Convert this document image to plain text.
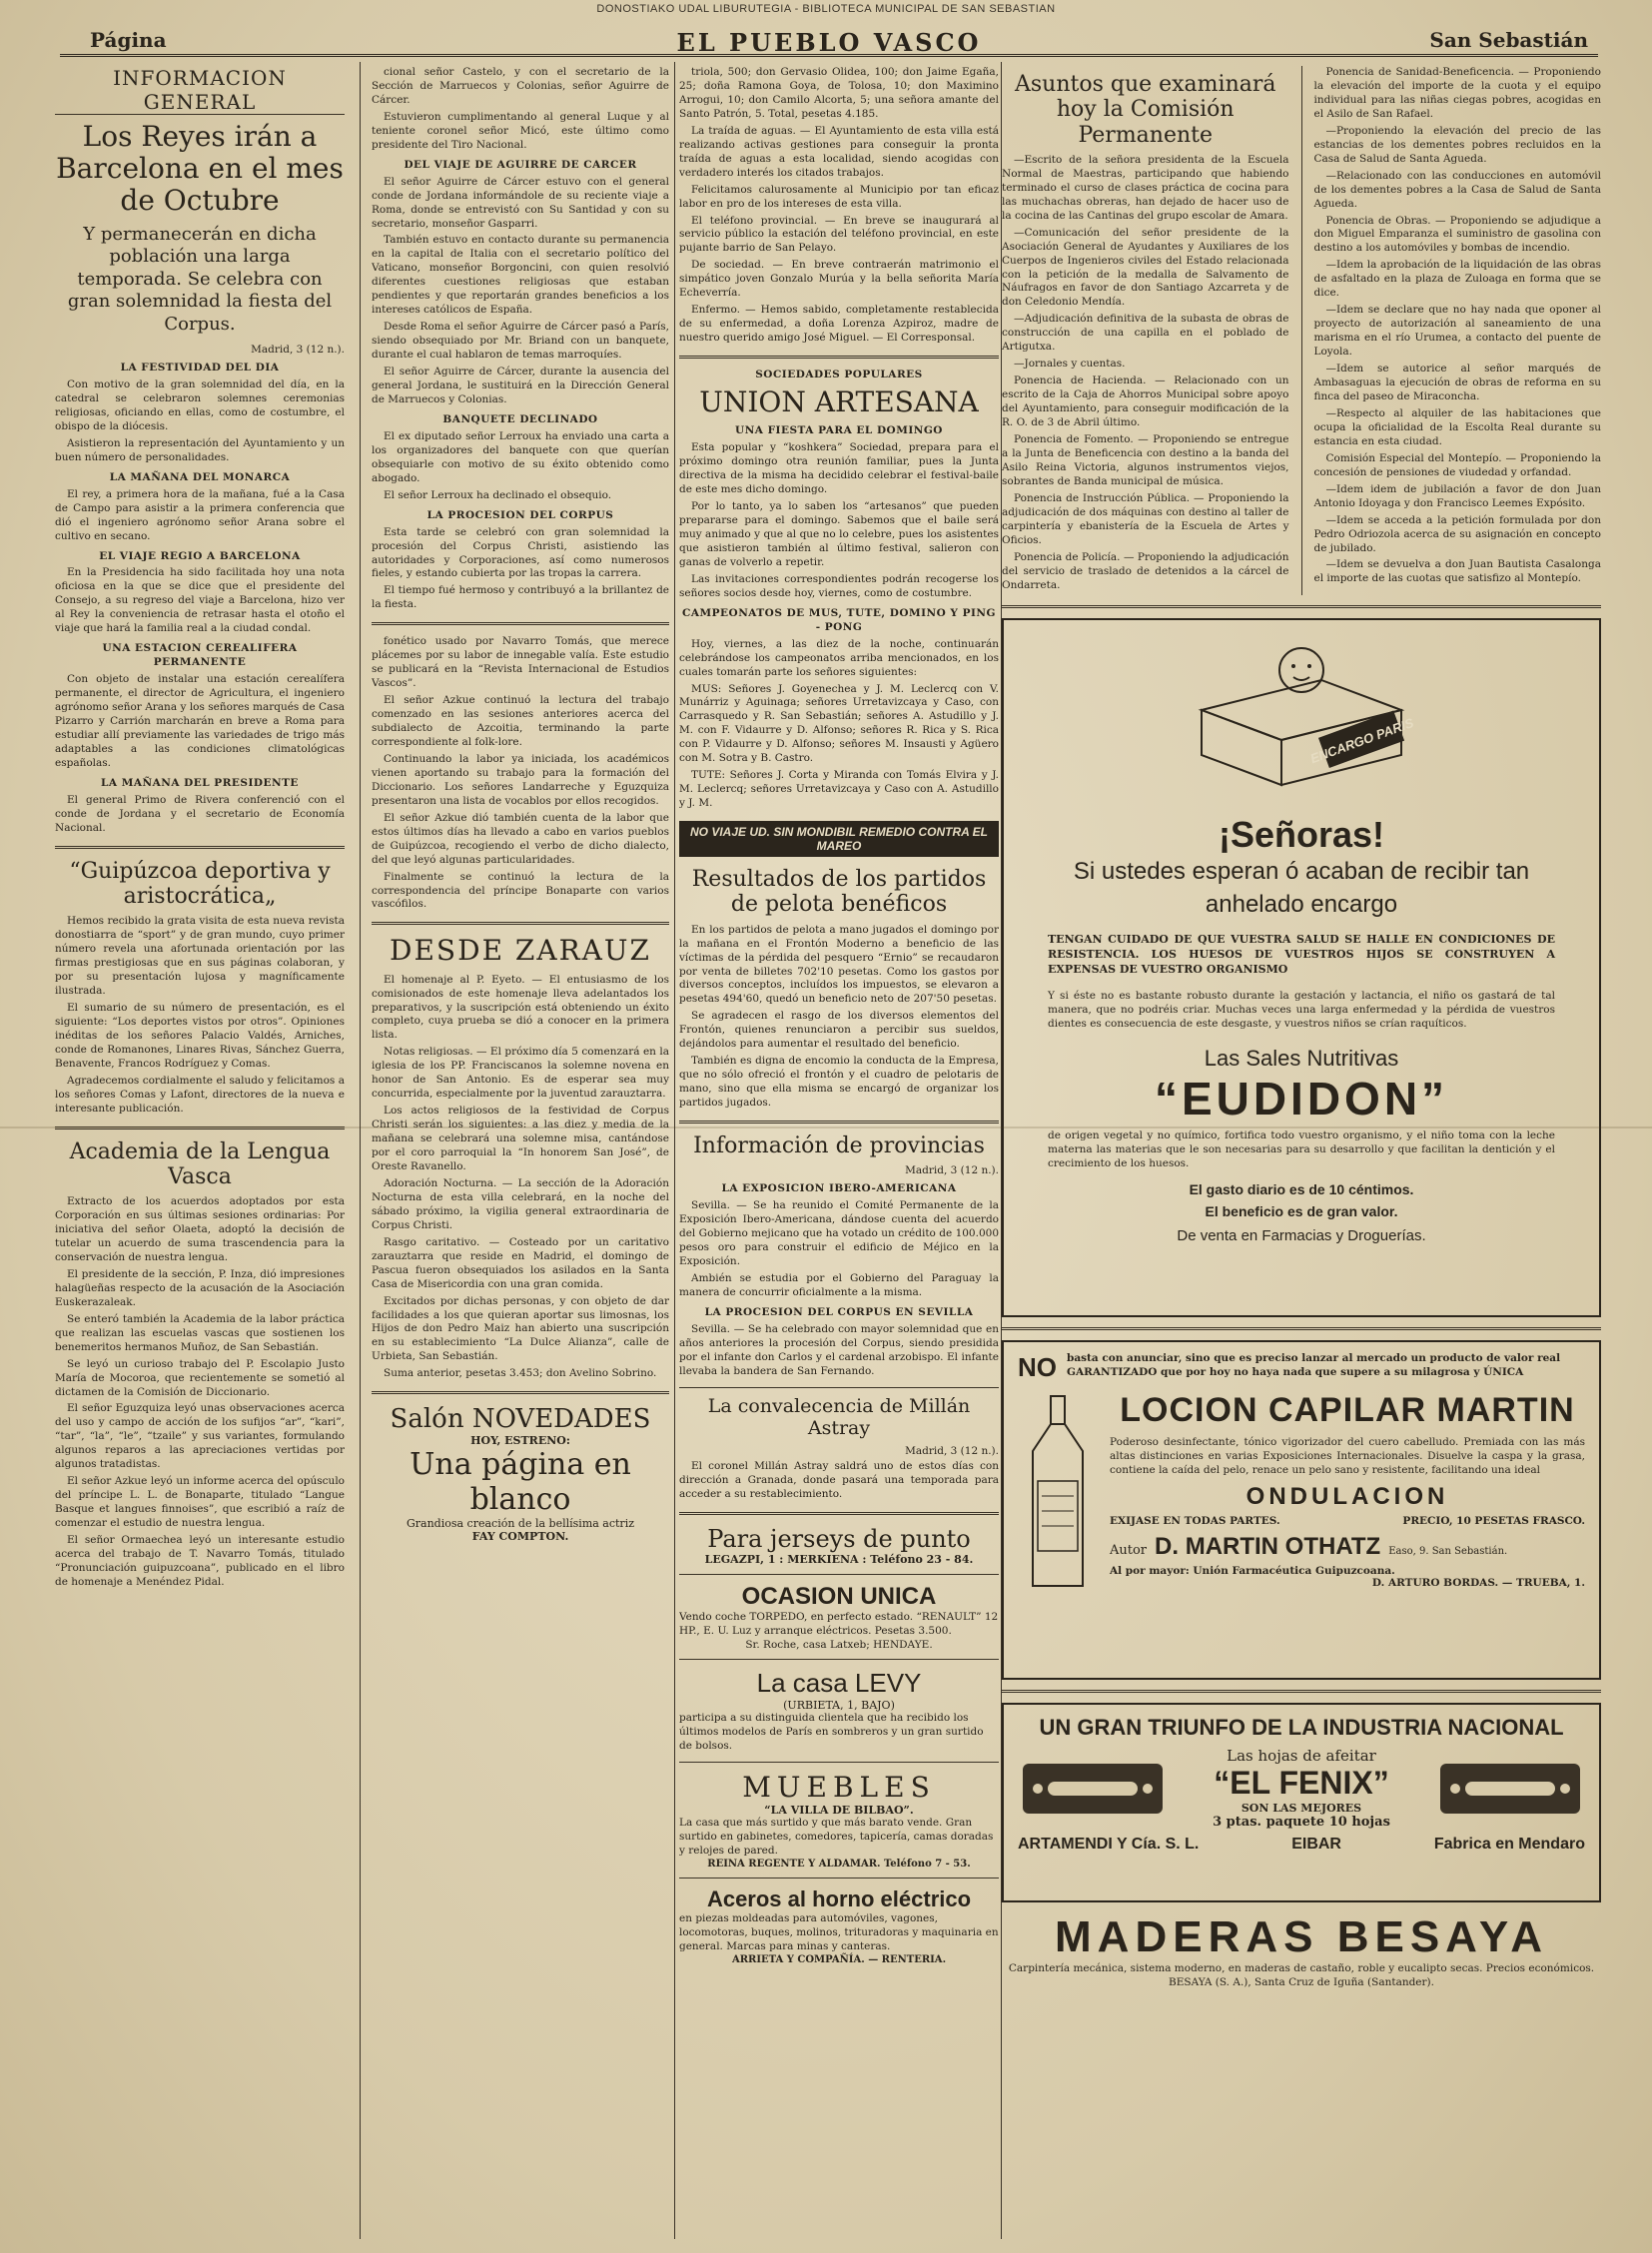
DONOSTIAKO UDAL LIBURUTEGIA - BIBLIOTECA MUNICIPAL DE SAN SEBASTIAN
EL PUEBLO VASCO
Página	San Sebastián
INFORMACION GENERAL
Los Reyes irán a Barcelona en el mes de Octubre
Y permanecerán en dicha población una larga temporada. Se celebra con gran solemnidad la fiesta del Corpus.
Madrid, 3 (12 n.).
LA FESTIVIDAD DEL DIA

Con motivo de la gran solemnidad del día, en la catedral se celebraron solemnes ceremonias religiosas, oficiando en ellas, como de costumbre, el obispo de la diócesis.

Asistieron la representación del Ayuntamiento y un buen número de personalidades.

LA MAÑANA DEL MONARCA

El rey, a primera hora de la mañana, fué a la Casa de Campo para asistir a la primera conferencia que dió el ingeniero agrónomo señor Arana sobre el cultivo en secano.

EL VIAJE REGIO A BARCELONA

En la Presidencia ha sido facilitada hoy una nota oficiosa en la que se dice que el presidente del Consejo, a su regreso del viaje a Barcelona, hizo ver al Rey la conveniencia de retrasar hasta el otoño el viaje que hará la familia real a la ciudad condal.

UNA ESTACION CEREALIFERA PERMANENTE

Con objeto de instalar una estación cerealífera permanente, el director de Agricultura, el ingeniero agrónomo señor Arana y los señores marqués de Casa Pizarro y Carrión marcharán en breve a Roma para estudiar allí previamente las variedades de trigo más adaptables a las condiciones climatológicas españolas.

LA MAÑANA DEL PRESIDENTE

El general Primo de Rivera conferenció con el conde de Jordana y el secretario de Economía Nacional.

“Guipúzcoa deportiva y aristocrática„

Hemos recibido la grata visita de esta nueva revista donostiarra de “sport” y de gran mundo, cuyo primer número revela una afortunada orientación por las firmas prestigiosas que en sus páginas colaboran, y por su presentación lujosa y magníficamente ilustrada.

El sumario de su número de presentación, es el siguiente: “Los deportes vistos por otros”. Opiniones inéditas de los señores Palacio Valdés, Arniches, conde de Romanones, Linares Rivas, Sánchez Guerra, Benavente, Francos Rodríguez y Comas.

Agradecemos cordialmente el saludo y felicitamos a los señores Comas y Lafont, directores de la nueva e interesante publicación.

Academia de la Lengua Vasca

Extracto de los acuerdos adoptados por esta Corporación en sus últimas sesiones ordinarias: Por iniciativa del señor Olaeta, adoptó la decisión de tutelar un acuerdo de suma trascendencia para la conservación de nuestra lengua.

El presidente de la sección, P. Inza, dió impresiones halagüeñas respecto de la acusación de la Asociación Euskerazaleak.

Se enteró también la Academia de la labor práctica que realizan las escuelas vascas que sostienen los benemeritos hermanos Muñoz, de San Sebastián.

Se leyó un curioso trabajo del P. Escolapio Justo María de Mocoroa, que recientemente se sometió al dictamen de la Comisión de Diccionario.

El señor Eguzquiza leyó unas observaciones acerca del uso y campo de acción de los sufijos “ar”, “kari”, “tar”, “la”, “le”, “tzaile” y sus variantes, formulando algunos reparos a las apreciaciones vertidas por algunos tratadistas.

El señor Azkue leyó un informe acerca del opúsculo del príncipe L. L. de Bonaparte, titulado “Langue Basque et langues finnoises”, que escribió a raíz de comenzar el estudio de nuestra lengua.

El señor Ormaechea leyó un interesante estudio acerca del trabajo de T. Navarro Tomás, titulado “Pronunciación guipuzcoana”, publicado en el libro de homenaje a Menéndez Pidal.

cional señor Castelo, y con el secretario de la Sección de Marruecos y Colonias, señor Aguirre de Cárcer.

Estuvieron cumplimentando al general Luque y al teniente coronel señor Micó, este último como presidente del Tiro Nacional.

DEL VIAJE DE AGUIRRE DE CARCER

El señor Aguirre de Cárcer estuvo con el general conde de Jordana informándole de su reciente viaje a Roma, donde se entrevistó con Su Santidad y con su secretario, monseñor Gasparri.

También estuvo en contacto durante su permanencia en la capital de Italia con el secretario político del Vaticano, monseñor Borgoncini, con quien resolvió diferentes cuestiones religiosas que estaban pendientes y que reportarán grandes beneficios a los intereses católicos de España.

Desde Roma el señor Aguirre de Cárcer pasó a París, siendo obsequiado por Mr. Briand con un banquete, durante el cual hablaron de temas marroquíes.

El señor Aguirre de Cárcer, durante la ausencia del general Jordana, le sustituirá en la Dirección General de Marruecos y Colonias.

BANQUETE DECLINADO

El ex diputado señor Lerroux ha enviado una carta a los organizadores del banquete con que querían obsequiarle con motivo de su éxito obtenido como abogado.

El señor Lerroux ha declinado el obsequio.

LA PROCESION DEL CORPUS

Esta tarde se celebró con gran solemnidad la procesión del Corpus Christi, asistiendo las autoridades y Corporaciones, así como numerosos fieles, y estando cubierta por las tropas la carrera.

El tiempo fué hermoso y contribuyó a la brillantez de la fiesta.

fonético usado por Navarro Tomás, que merece plácemes por su labor de innegable valía. Este estudio se publicará en la “Revista Internacional de Estudios Vascos”.

El señor Azkue continuó la lectura del trabajo comenzado en las sesiones anteriores acerca del subdialecto de Azcoitia, terminando la parte correspondiente al folk-lore.

Continuando la labor ya iniciada, los académicos vienen aportando su trabajo para la formación del Diccionario. Los señores Landarreche y Eguzquiza presentaron una lista de vocablos por ellos recogidos.

El señor Azkue dió también cuenta de la labor que estos últimos días ha llevado a cabo en varios pueblos de Guipúzcoa, recogiendo el verbo de dicho dialecto, del que leyó algunas particularidades.

Finalmente se continuó la lectura de la correspondencia del príncipe Bonaparte con varios vascófilos.

DESDE ZARAUZ

El homenaje al P. Eyeto. — El entusiasmo de los comisionados de este homenaje lleva adelantados los preparativos, y la suscripción está obteniendo un éxito completo, cuya prueba se dió a conocer en la primera lista.

Notas religiosas. — El próximo día 5 comenzará en la iglesia de los PP. Franciscanos la solemne novena en honor de San Antonio. Es de esperar sea muy concurrida, especialmente por la juventud zarauztarra.

Los actos religiosos de la festividad de Corpus Christi serán los siguientes: a las diez y media de la mañana se celebrará una solemne misa, cantándose por el coro parroquial la “In honorem San José”, de Oreste Ravanello.

Adoración Nocturna. — La sección de la Adoración Nocturna de esta villa celebrará, en la noche del sábado próximo, la vigilia general extraordinaria de Corpus Christi.

Rasgo caritativo. — Costeado por un caritativo zarauztarra que reside en Madrid, el domingo de Pascua fueron obsequiados los asilados en la Santa Casa de Misericordia con una gran comida.

Excitados por dichas personas, y con objeto de dar facilidades a los que quieran aportar sus limosnas, los Hijos de don Pedro Maiz han abierto una suscripción en su establecimiento “La Dulce Alianza”, calle de Urbieta, San Sebastián.

Suma anterior, pesetas 3.453; don Avelino Sobrino.

Salón NOVEDADES
HOY, ESTRENO:
Una página en blanco
Grandiosa creación de la bellísima actriz
FAY COMPTON.

triola, 500; don Gervasio Olidea, 100; don Jaime Egaña, 25; doña Ramona Goya, de Tolosa, 10; don Maximino Arrogui, 10; don Camilo Alcorta, 5; una señora amante del Santo Patrón, 5. Total, pesetas 4.185.

La traída de aguas. — El Ayuntamiento de esta villa está realizando activas gestiones para conseguir la pronta traída de aguas a esta localidad, siendo acogidas con verdadero interés los citados trabajos.

Felicitamos calurosamente al Municipio por tan eficaz labor en pro de los intereses de esta villa.

El teléfono provincial. — En breve se inaugurará al servicio público la estación del teléfono provincial, en este pujante barrio de San Pelayo.

De sociedad. — En breve contraerán matrimonio el simpático joven Gonzalo Murúa y la bella señorita María Echeverría.

Enfermo. — Hemos sabido, completamente restablecida de su enfermedad, a doña Lorenza Azpiroz, madre de nuestro querido amigo José Miguel. — El Corresponsal.

SOCIEDADES POPULARES
UNION ARTESANA
UNA FIESTA PARA EL DOMINGO

Esta popular y “koshkera” Sociedad, prepara para el próximo domingo otra reunión familiar, pues la Junta directiva de la misma ha decidido celebrar el festival-baile de este mes dicho domingo.

Por lo tanto, ya lo saben los “artesanos” que pueden prepararse para el domingo. Sabemos que el baile será muy animado y que al que no lo celebre, pues los asistentes que asistieron también al último festival, salieron con ganas de volverlo a repetir.

Las invitaciones correspondientes podrán recogerse los señores socios desde hoy, viernes, como de costumbre.

CAMPEONATOS DE MUS, TUTE, DOMINO Y PING - PONG

Hoy, viernes, a las diez de la noche, continuarán celebrándose los campeonatos arriba mencionados, en los cuales tomarán parte los señores siguientes:

MUS: Señores J. Goyenechea y J. M. Leclercq con V. Munárriz y Aguinaga; señores Urretavizcaya y Caso, con Carrasquedo y R. San Sebastián; señores A. Astudillo y J. M. con F. Vidaurre y D. Alfonso; señores R. Rica y S. Rica con P. Vidaurre y D. Alfonso; señores M. Insausti y Agüero con M. Sotra y B. Castro.

TUTE: Señores J. Corta y Miranda con Tomás Elvira y J. M. Leclercq; señores Urretavizcaya y Caso con A. Astudillo y J. M.

NO VIAJE UD. SIN MONDIBIL REMEDIO CONTRA EL MAREO
Resultados de los partidos de pelota benéficos

En los partidos de pelota a mano jugados el domingo por la mañana en el Frontón Moderno a beneficio de las víctimas de la pérdida del pesquero “Ernio” se recaudaron por venta de billetes 702'10 pesetas. Como los gastos por diversos conceptos, incluídos los impuestos, se elevaron a pesetas 494'60, quedó un beneficio neto de 207'50 pesetas.

Se agradecen el rasgo de los diversos elementos del Frontón, quienes renunciaron a percibir sus sueldos, dejándolos para aumentar el resultado del beneficio.

También es digna de encomio la conducta de la Empresa, que no sólo ofreció el frontón y el cuadro de pelotaris de mano, sino que ella misma se encargó de organizar los partidos jugados.

Información de provincias
Madrid, 3 (12 n.).
LA EXPOSICION IBERO-AMERICANA

Sevilla. — Se ha reunido el Comité Permanente de la Exposición Ibero-Americana, dándose cuenta del acuerdo del Gobierno mejicano que ha votado un crédito de 100.000 pesos oro para construir el edificio de Méjico en la Exposición.

Ambién se estudia por el Gobierno del Paraguay la manera de concurrir oficialmente a la misma.

LA PROCESION DEL CORPUS EN SEVILLA

Sevilla. — Se ha celebrado con mayor solemnidad que en años anteriores la procesión del Corpus, siendo presidida por el infante don Carlos y el cardenal arzobispo. El infante llevaba la bandera de San Fernando.

La convalecencia de Millán Astray
Madrid, 3 (12 n.).

El coronel Millán Astray saldrá uno de estos días con dirección a Granada, donde pasará una temporada para acceder a su restablecimiento.

Para jerseys de punto
LEGAZPI, 1 : MERKIENA : Teléfono 23 - 84.
OCASION UNICA
Vendo coche TORPEDO, en perfecto estado. “RENAULT” 12 HP., E. U. Luz y arranque eléctricos. Pesetas 3.500.
Sr. Roche, casa Latxeb; HENDAYE.
La casa LEVY
(URBIETA, 1, BAJO)
participa a su distinguida clientela que ha recibido los últimos modelos de París en sombreros y un gran surtido de bolsos.
MUEBLES
“LA VILLA DE BILBAO”.
La casa que más surtido y que más barato vende. Gran surtido en gabinetes, comedores, tapicería, camas doradas y relojes de pared.
REINA REGENTE Y ALDAMAR. Teléfono 7 - 53.
Aceros al horno eléctrico
en piezas moldeadas para automóviles, vagones, locomotoras, buques, molinos, trituradoras y maquinaria en general. Marcas para minas y canteras.
ARRIETA Y COMPAÑÍA. — RENTERIA.
Asuntos que examinará hoy la Comisión Permanente

—Escrito de la señora presidenta de la Escuela Normal de Maestras, participando que habiendo terminado el curso de clases práctica de cocina para las muchachas obreras, han dejado de hacer uso de la cocina de las Cantinas del grupo escolar de Amara.

—Comunicación del señor presidente de la Asociación General de Ayudantes y Auxiliares de los Cuerpos de Ingenieros civiles del Estado relacionada con la petición de la medalla de Salvamento de Náufragos en favor de don Santiago Azcarreta y de don Celedonio Mendía.

—Adjudicación definitiva de la subasta de obras de construcción de una capilla en el poblado de Artigutxa.

—Jornales y cuentas.

Ponencia de Hacienda. — Relacionado con un escrito de la Caja de Ahorros Municipal sobre apoyo del Ayuntamiento, para conseguir modificación de la R. O. de 3 de Abril último.

Ponencia de Fomento. — Proponiendo se entregue a la Junta de Beneficencia con destino a la banda del Asilo Reina Victoria, algunos instrumentos viejos, sobrantes de Banda municipal de música.

Ponencia de Instrucción Pública. — Proponiendo la adjudicación de dos máquinas con destino al taller de carpintería y ebanistería de la Escuela de Artes y Oficios.

Ponencia de Policía. — Proponiendo la adjudicación del servicio de traslado de detenidos a la cárcel de Ondarreta.

Ponencia de Sanidad-Beneficencia. — Proponiendo la elevación del importe de la cuota y el equipo individual para las niñas ciegas pobres, acogidas en el Asilo de San Rafael.

—Proponiendo la elevación del precio de las estancias de los dementes pobres recluidos en la Casa de Salud de Santa Agueda.

—Relacionado con las conducciones en automóvil de los dementes pobres a la Casa de Salud de Santa Agueda.

Ponencia de Obras. — Proponiendo se adjudique a don Miguel Emparanza el suministro de gasolina con destino a los automóviles y bombas de incendio.

—Idem la aprobación de la liquidación de las obras de asfaltado en la plaza de Zuloaga en forma que se dice.

—Idem se declare que no hay nada que oponer al proyecto de autorización al saneamiento de una marisma en el río Urumea, a contacto del puente de Loyola.

—Idem se autorice al señor marqués de Ambasaguas la ejecución de obras de reforma en su finca del paseo de Miraconcha.

—Respecto al alquiler de las habitaciones que ocupa la oficialidad de la Escolta Real durante su estancia en esta ciudad.

Comisión Especial del Montepío. — Proponiendo la concesión de pensiones de viudedad y orfandad.

—Idem idem de jubilación a favor de don Juan Antonio Idoyaga y don Francisco Leemes Expósito.

—Idem se acceda a la petición formulada por don Pedro Odriozola acerca de su asignación en concepto de jubilado.

—Idem se devuelva a don Juan Bautista Casalonga el importe de las cuotas que satisfizo al Montepío.

ENCARGO PARIS
¡Señoras!
Si ustedes esperan ó acaban de recibir tan anhelado encargo
TENGAN CUIDADO DE QUE VUESTRA SALUD SE HALLE EN CONDICIONES DE RESISTENCIA. LOS HUESOS DE VUESTROS HIJOS SE CONSTRUYEN A EXPENSAS DE VUESTRO ORGANISMO
Y si éste no es bastante robusto durante la gestación y lactancia, el niño os gastará de tal manera, que no podréis criar. Muchas veces una larga enfermedad y la pérdida de vuestros dientes es consecuencia de este desgaste, y vuestros niños se crían raquíticos.
Las Sales Nutritivas
“EUDIDON”
de origen vegetal y no químico, fortifica todo vuestro organismo, y el niño toma con la leche materna las materias que le son necesarias para su desarrollo y que facilitan la dentición y el crecimiento de los huesos.
El gasto diario es de 10 céntimos.
El beneficio es de gran valor.
De venta en Farmacias y Droguerías.
NO basta con anunciar, sino que es preciso lanzar al mercado un producto de valor real GARANTIZADO que por hoy no haya nada que supere a su milagrosa y ÚNICA
LOCION CAPILAR MARTIN
Poderoso desinfectante, tónico vigorizador del cuero cabelludo. Premiada con las más altas distinciones en varias Exposiciones Internacionales. Disuelve la caspa y la grasa, contiene la caída del pelo, renace un pelo sano y resistente, facilitando una ideal
ONDULACION
EXIJASE EN TODAS PARTES.	PRECIO, 10 PESETAS FRASCO.
Autor D. MARTIN OTHATZ Easo, 9. San Sebastián.
Al por mayor: Unión Farmacéutica Guipuzcoana.
D. ARTURO BORDAS. — TRUEBA, 1.
UN GRAN TRIUNFO DE LA INDUSTRIA NACIONAL
Las hojas de afeitar
“EL FENIX”
SON LAS MEJORES
3 ptas. paquete 10 hojas
ARTAMENDI Y Cía. S. L.	EIBAR	Fabrica en Mendaro
MADERAS BESAYA
Carpintería mecánica, sistema moderno, en maderas de castaño, roble y eucalipto secas. Precios económicos. BESAYA (S. A.), Santa Cruz de Iguña (Santander).
